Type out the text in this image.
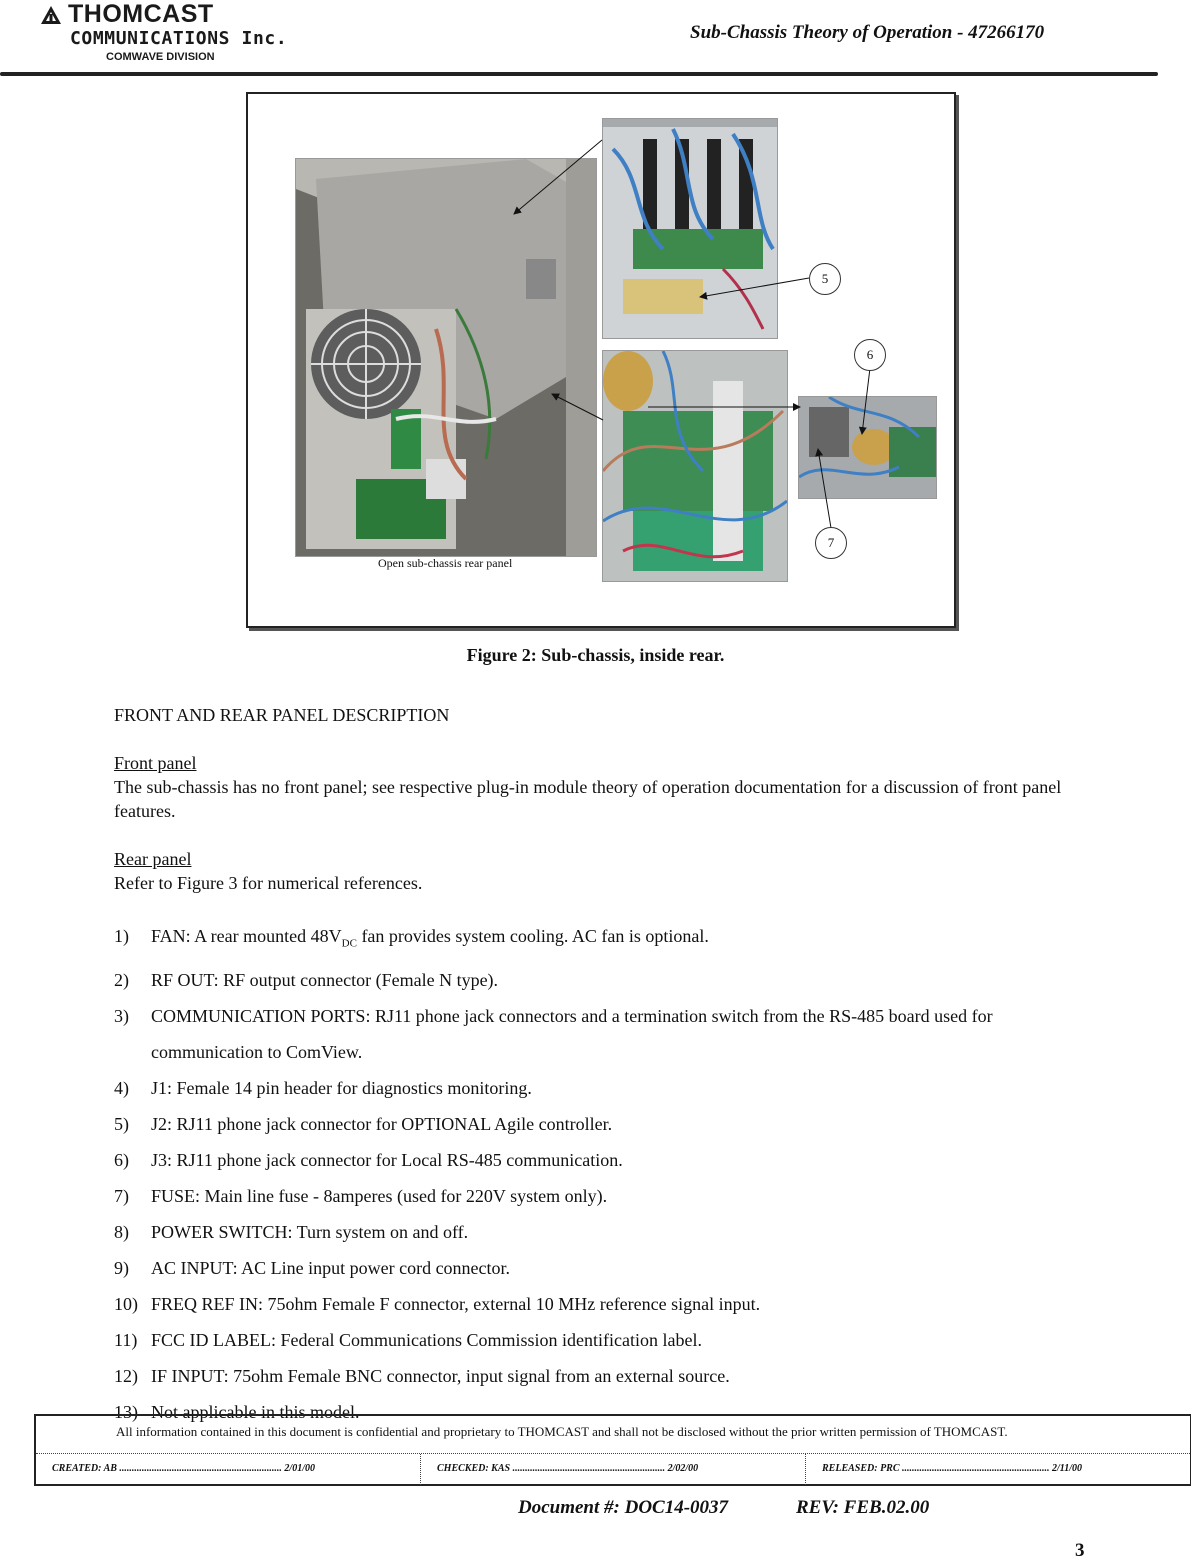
THOMCAST
COMMUNICATIONS Inc.
COMWAVE DIVISION
Sub-Chassis Theory of Operation - 47266170
5
6
7
Open sub-chassis rear panel
Figure 2: Sub-chassis, inside rear.
FRONT AND REAR PANEL DESCRIPTION
Front panel
The sub-chassis has no front panel; see respective plug-in module theory of operation documentation for a discussion of front panel features.
Rear panel
Refer to Figure 3 for numerical references.
1) FAN: A rear mounted $48V_{DC}$ fan provides system cooling. AC fan is optional.
2) RF OUT: RF output connector (Female N type).
3) COMMUNICATION PORTS: RJ11 phone jack connectors and a termination switch from the RS-485 board used for communication to ComView.
4) J1: Female 14 pin header for diagnostics monitoring.
5) J2: RJ11 phone jack connector for OPTIONAL Agile controller.
6) J3: RJ11 phone jack connector for Local RS-485 communication.
7) FUSE: Main line fuse - 8amperes (used for 220V system only).
8) POWER SWITCH: Turn system on and off.
9) AC INPUT: AC Line input power cord connector.
10) FREQ REF IN: 75ohm Female F connector, external 10 MHz reference signal input.
11) FCC ID LABEL: Federal Communications Commission identification label.
12) IF INPUT: 75ohm Female BNC connector, input signal from an external source.
13) Not applicable in this model.
All information contained in this document is confidential and proprietary to THOMCAST and shall not be disclosed without the prior written permission of THOMCAST.
CREATED: AB ................................................................. 2/01/00	CHECKED: KAS ............................................................. 2/02/00	RELEASED: PRC ........................................................... 2/11/00
Document #: DOC14-0037	REV: FEB.02.00
3
